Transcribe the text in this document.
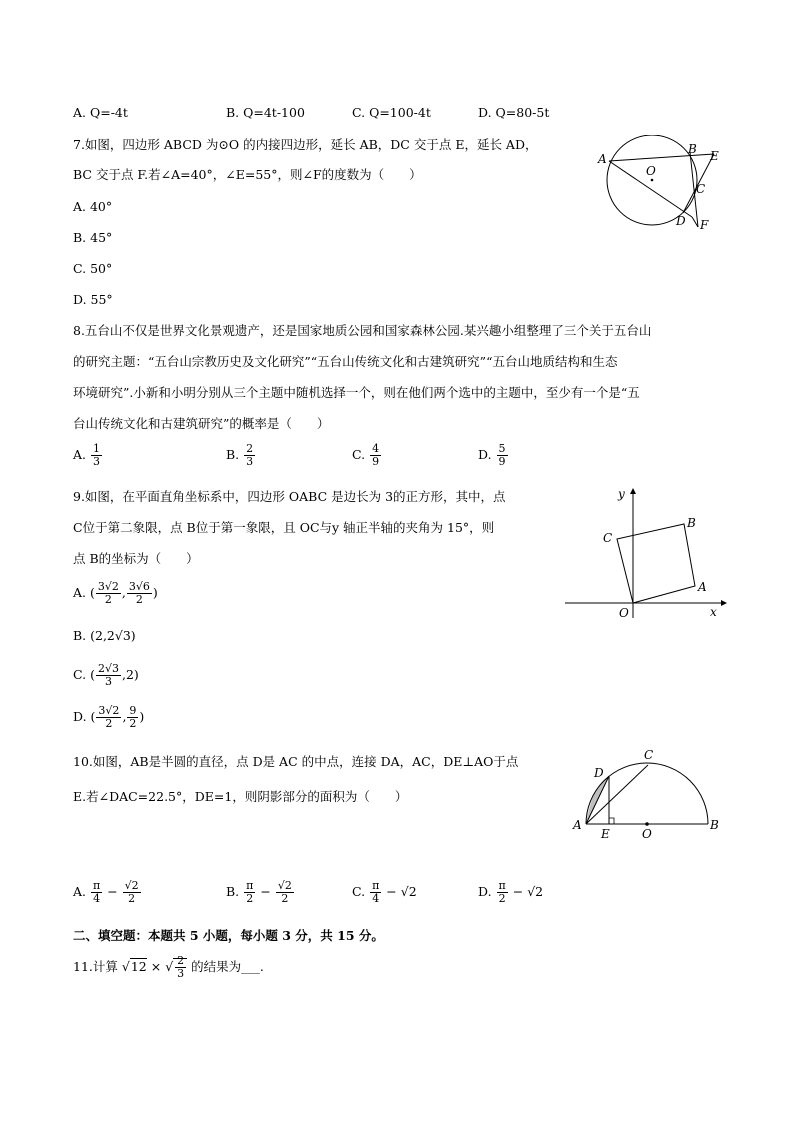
A. Q=-4t	B. Q=4t-100	C. Q=100-4t	D. Q=80-5t
7.如图，四边形 ABCD 为⊙O 的内接四边形，延长 AB，DC 交于点 E，延长 AD，
BC 交于点 F.若∠A=40°，∠E=55°，则∠F的度数为（　　）
A. 40°
B. 45°
C. 50°
D. 55°
A
B E
O
C
D F
8.五台山不仅是世界文化景观遗产，还是国家地质公园和国家森林公园.某兴趣小组整理了三个关于五台山
的研究主题：“五台山宗教历史及文化研究”“五台山传统文化和古建筑研究”“五台山地质结构和生态
环境研究”.小新和小明分别从三个主题中随机选择一个，则在他们两个选中的主题中，至少有一个是“五
台山传统文化和古建筑研究”的概率是（　　）
A. $\frac{1}{3}$	B. $\frac{2}{3}$	C. $\frac{4}{9}$	D. $\frac{5}{9}$
9.如图，在平面直角坐标系中，四边形 OABC 是边长为 3的正方形，其中，点
C位于第二象限，点 B位于第一象限，且 OC与y 轴正半轴的夹角为 15°，则
点 B的坐标为（　　）
A. ( $\frac{3√2}{2}$ , $\frac{3√6}{2}$ )
B. (2,2√3)
C. ( $\frac{2√3}{3} ,2$)
D. ( $\frac{3√2}{2}$ , $\frac{9}{2}$ )
y
x
O
A
B
C
10.如图，AB是半圆的直径，点 D是 AC 的中点，连接 DA，AC，DE⊥AO于点
E.若∠DAC=22.5°，DE=1，则阴影部分的面积为（　　）
A	B
C
D
E	O
A. $\frac{\pi}{4} - \frac{√2}{2}$	B. $\frac{\pi}{2} - \frac{√2}{2}$	C. $\frac{\pi}{4} - √2$	D. $\frac{\pi}{2} - √2$
二、填空题：本题共 5 小题，每小题 3 分，共 15 分。
11.计算 √12 × √ $\frac{2}{3}$ 的结果为___.
